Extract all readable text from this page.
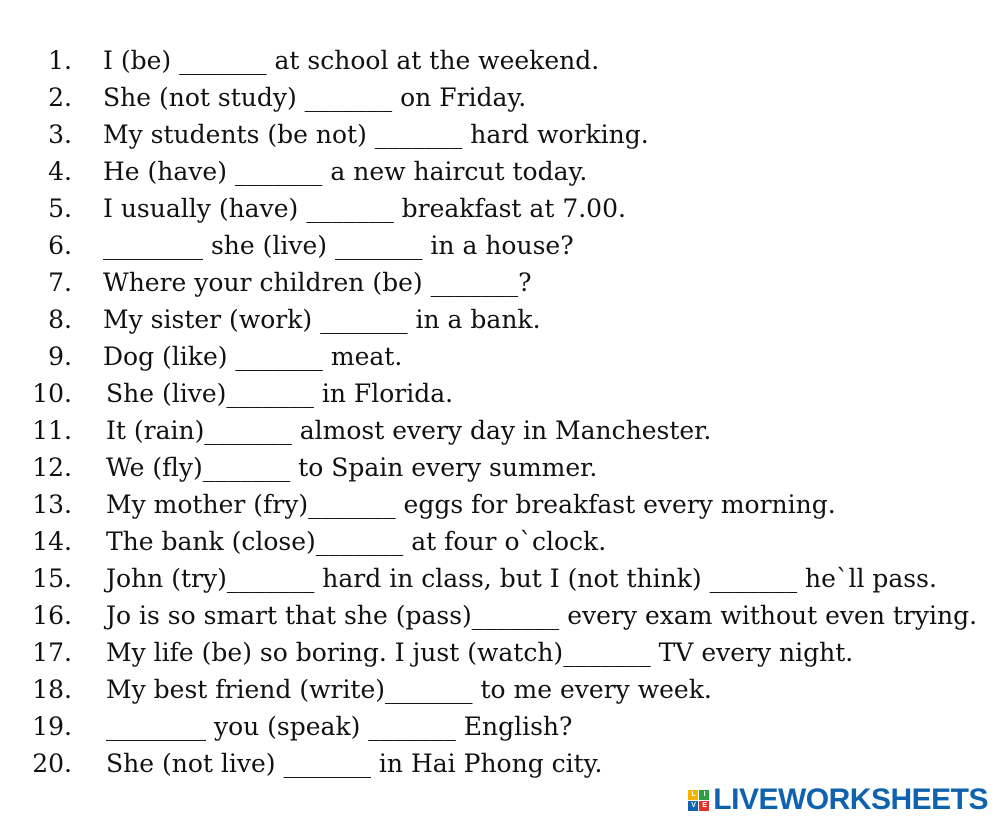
1. I (be) _______ at school at the weekend.
2. She (not study) _______ on Friday.
3. My students (be not) _______ hard working.
4. He (have) _______ a new haircut today.
5. I usually (have) _______ breakfast at 7.00.
6. ________ she (live) _______ in a house?
7. Where your children (be) _______?
8. My sister (work) _______ in a bank.
9. Dog (like) _______ meat.
10. She (live)_______ in Florida.
11. It (rain)_______ almost every day in Manchester.
12. We (fly)_______ to Spain every summer.
13. My mother (fry)_______ eggs for breakfast every morning.
14. The bank (close)_______ at four o`clock.
15. John (try)_______ hard in class, but I (not think) _______ he`ll pass.
16. Jo is so smart that she (pass)_______ every exam without even trying.
17. My life (be) so boring. I just (watch)_______ TV every night.
18. My best friend (write)_______ to me every week.
19. ________ you (speak) _______ English?
20. She (not live) _______ in Hai Phong city.
L	I
V E LIVEWORKSHEETS
